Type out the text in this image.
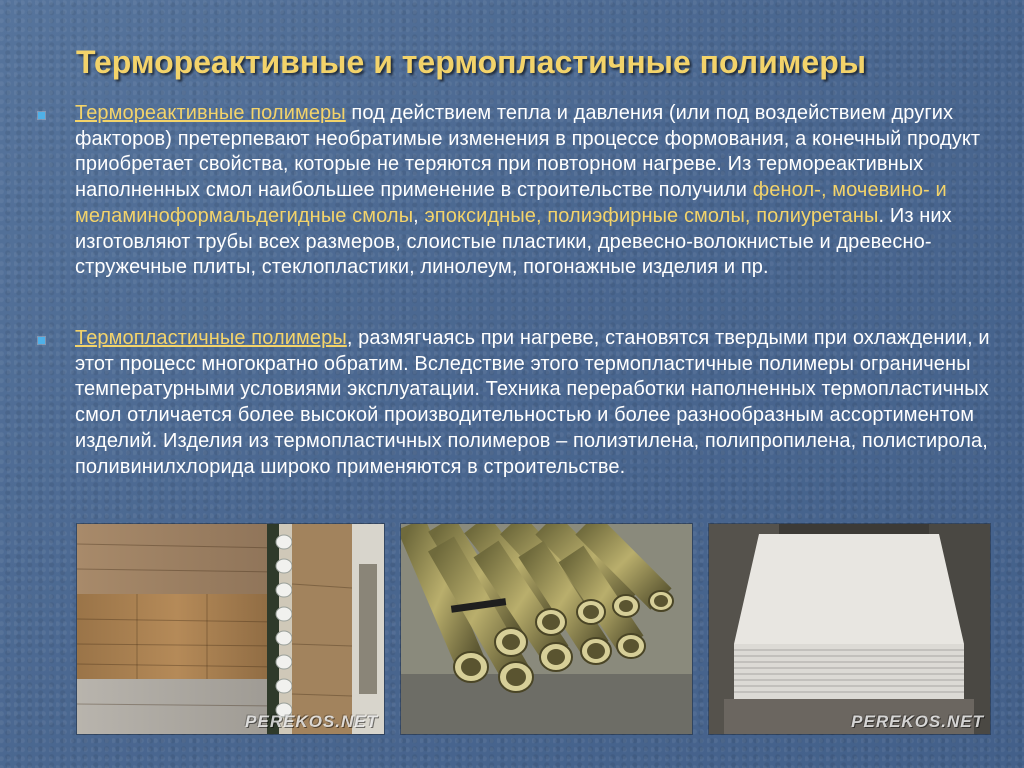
Термореактивные и термопластичные полимеры
Термореактивные полимеры под действием тепла и давления (или под воздействием других факторов) претерпевают необратимые изменения в процессе формования, а конечный продукт приобретает свойства, которые не теряются при повторном нагреве. Из термореактивных наполненных смол наибольшее применение в строительстве получили фенол-, мочевино- и меламиноформальдегидные смолы, эпоксидные, полиэфирные смолы, полиуретаны. Из них изготовляют трубы всех размеров, слоистые пластики, древесно-волокнистые и древесно-стружечные плиты, стеклопластики, линолеум, погонажные изделия и пр.
Термопластичные полимеры, размягчаясь при нагреве, становятся твердыми при охлаждении, и этот процесс многократно обратим. Вследствие этого термопластичные полимеры ограничены температурными условиями эксплуатации. Техника переработки наполненных термопластичных смол отличается более высокой производительностью и более разнообразным ассортиментом изделий. Изделия из термопластичных полимеров – полиэтилена, полипропилена, полистирола, поливинилхлорида широко применяются в строительстве.
PEREKOS.NET	PEREKOS.NET
